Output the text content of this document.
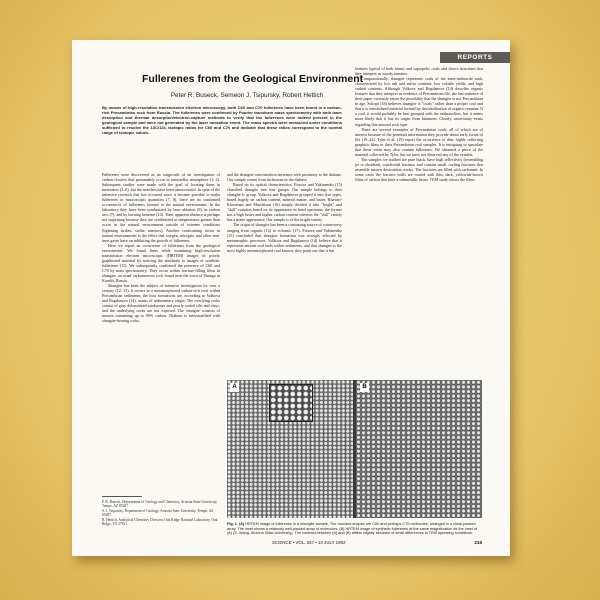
REPORTS
Fullerenes from the Geological Environment
Peter R. Buseck, Semeon J. Tsipursky, Robert Hettich
By means of high-resolution transmission electron microscopy, both C60 and C70 fullerenes have been found in a carbon-rich Precambrian rock from Russia. The fullerenes were confirmed by Fourier transform mass spectrometry with both laser desorption and thermal desorption/electron-capture methods to verify that the fullerenes were indeed present in the geological sample and were not generated by the laser ionization event. The mass spectra were measured under conditions sufficient to resolve the 13C/12C isotopic ratios for C60 and C70 and indicate that these ratios correspond to the normal range of isotopic values.

Fullerenes were discovered as an outgrowth of an investigation of carbon clusters that presumably occur in interstellar atmosphere (1, 2). Subsequent studies were made with the goal of locating them in meteorites (3–6), but the searches have been unsuccessful. In spite of the intensive research that has occurred since it became possible to make fullerenes in macroscopic quantities (7, 8), there are no confirmed occurrences of fullerenes formed in the natural environment. In the laboratory they have been synthesized by laser ablation (9), in carbon arcs (7), and by burning benzene (10). Their apparent absence is perhaps not surprising because they are synthesized at temperatures greater than occur in the natural environment outside of extreme conditions (lightning strikes, stellar interiors). Another constraining factor in natural environments is the effect that oxygen, nitrogen, and other non-inert gases have on inhibiting the growth of fullerenes.

Here we report an occurrence of fullerenes from the geological environment. We found them while examining high-resolution transmission electron microscopic (HRTEM) images of poorly graphitized material by noticing the similarity to images of synthetic fullerenes (11). We subsequently confirmed the presence of C60 and C70 by mass spectrometry. They occur within fracture-filling films in shungite, an usual carbonaceous rock found near the town of Shunga in Karelia, Russia.

Shungite has been the subject of intensive investigation for over a century (12, 13). It occurs in a metamorphosed carbon-rich rock within Precambrian sediments; the host formations are, according to Volkova and Bogdanova (14), seams of sedimentary origin. The overlying rocks consist of gray dolomitized sandstones and poorly sorted silts and clays, and the underlying rocks are not exposed. The shungite consists of masses containing up to 99% carbon. Diabase is interstratified with shungite-bearing rocks,

and the shungite concentration increases with proximity to the diabase. Our sample comes from inclusions in the diabase.

Based on its optical characteristics, Firsova and Yakimenko (15) classified shungite into four groups. Our sample belongs to their shungite Ic group. Volkova and Bogdanova grouped it into five types, based largely on carbon content, mineral matter, and luster. Khavari-Khorasani and Murchison (16) simply divided it into "bright" and "dull" varieties based on its appearance in hand specimen; the former has a high luster and higher carbon content whereas the "dull" variety has a matte appearance. Our sample is of the bright variety.

The origin of shungite has been a continuing source of controversy ranging from organic (14) to volcanic (17). Firsova and Yakimenko (15) concluded that shungite formation was strongly affected by metamorphic processes. Volkova and Bogdanova (14) believe that it represents ancient coal beds within sediments, and that shungite is the most highly metamorphosed coal known; they point out that it has

features typical of both humic and sapropelic coals and shows structures that they interpret as woody remains.

Compositionally, shungite represents coals of the meta-anthracite rank, characterized by low ash and sulfur contents, low volatile yields, and high carbon contents. Although Volkova and Bogdanova (14) describe organic features that they interpret as evidence of Precambrian life, the last sentence of their paper curiously raises the possibility that the shungite is not Precambrian in age. Schopf (18) believes shungite is "coaly" rather than a proper coal and that it is remobilized material formed by devolatilization of organic remains. If a coal, it would probably be best grouped with the anthraxolites, but it seems more likely that it has its origin from bitumens. Clearly, uncertainty exists regarding this unusual rock type.

There are several examples of Precambrian coals, all of which are of interest because of the potential information they provide about early forms of life (19–22). Tyler et al. (19) report the occurrence of thin, highly reflecting graphitic films in their Precambrian coal samples. It is intriguing to speculate that these veins may also contain fullerenes. We obtained a piece of the material collected by Tyler, but we have not observed any of the veinlets.

The samples we studied are pure black, have high reflectivity (resembling jet or obsidian), conchoidal fracture, and contain small, curling fractures that resemble narrow desiccation cracks. The fractures are filled with carbonate. In some cases the fracture walls are coated with thin, dark, yellowish-brown films of carbon that have a submetallic luster. TEM study shows the films

P. R. Buseck, Departments of Geology and Chemistry, Arizona State University, Tempe, AZ 85287.
S. J. Tsipursky, Department of Geology, Arizona State University, Tempe, AZ 85287.
R. Hettich, Analytical Chemistry Division, Oak Ridge National Laboratory, Oak Ridge, TN 37831.
A	B
Fig. 1. (A) HRTEM image of fullerenes in a shungite sample. The rounded shapes are C60 and perhaps C70 molecules, arranged in a close-packed array. The inset shows a relatively well-packed array of molecules. (B) HRTEM image of synthetic fullerenes at the same magnification as the inset of (A) (S. Wang, Arizona State University). The contrast between (A) and (B) differs slightly because of small differences in TEM operating conditions.
SCIENCE • VOL. 257 • 10 JULY 1992	215
